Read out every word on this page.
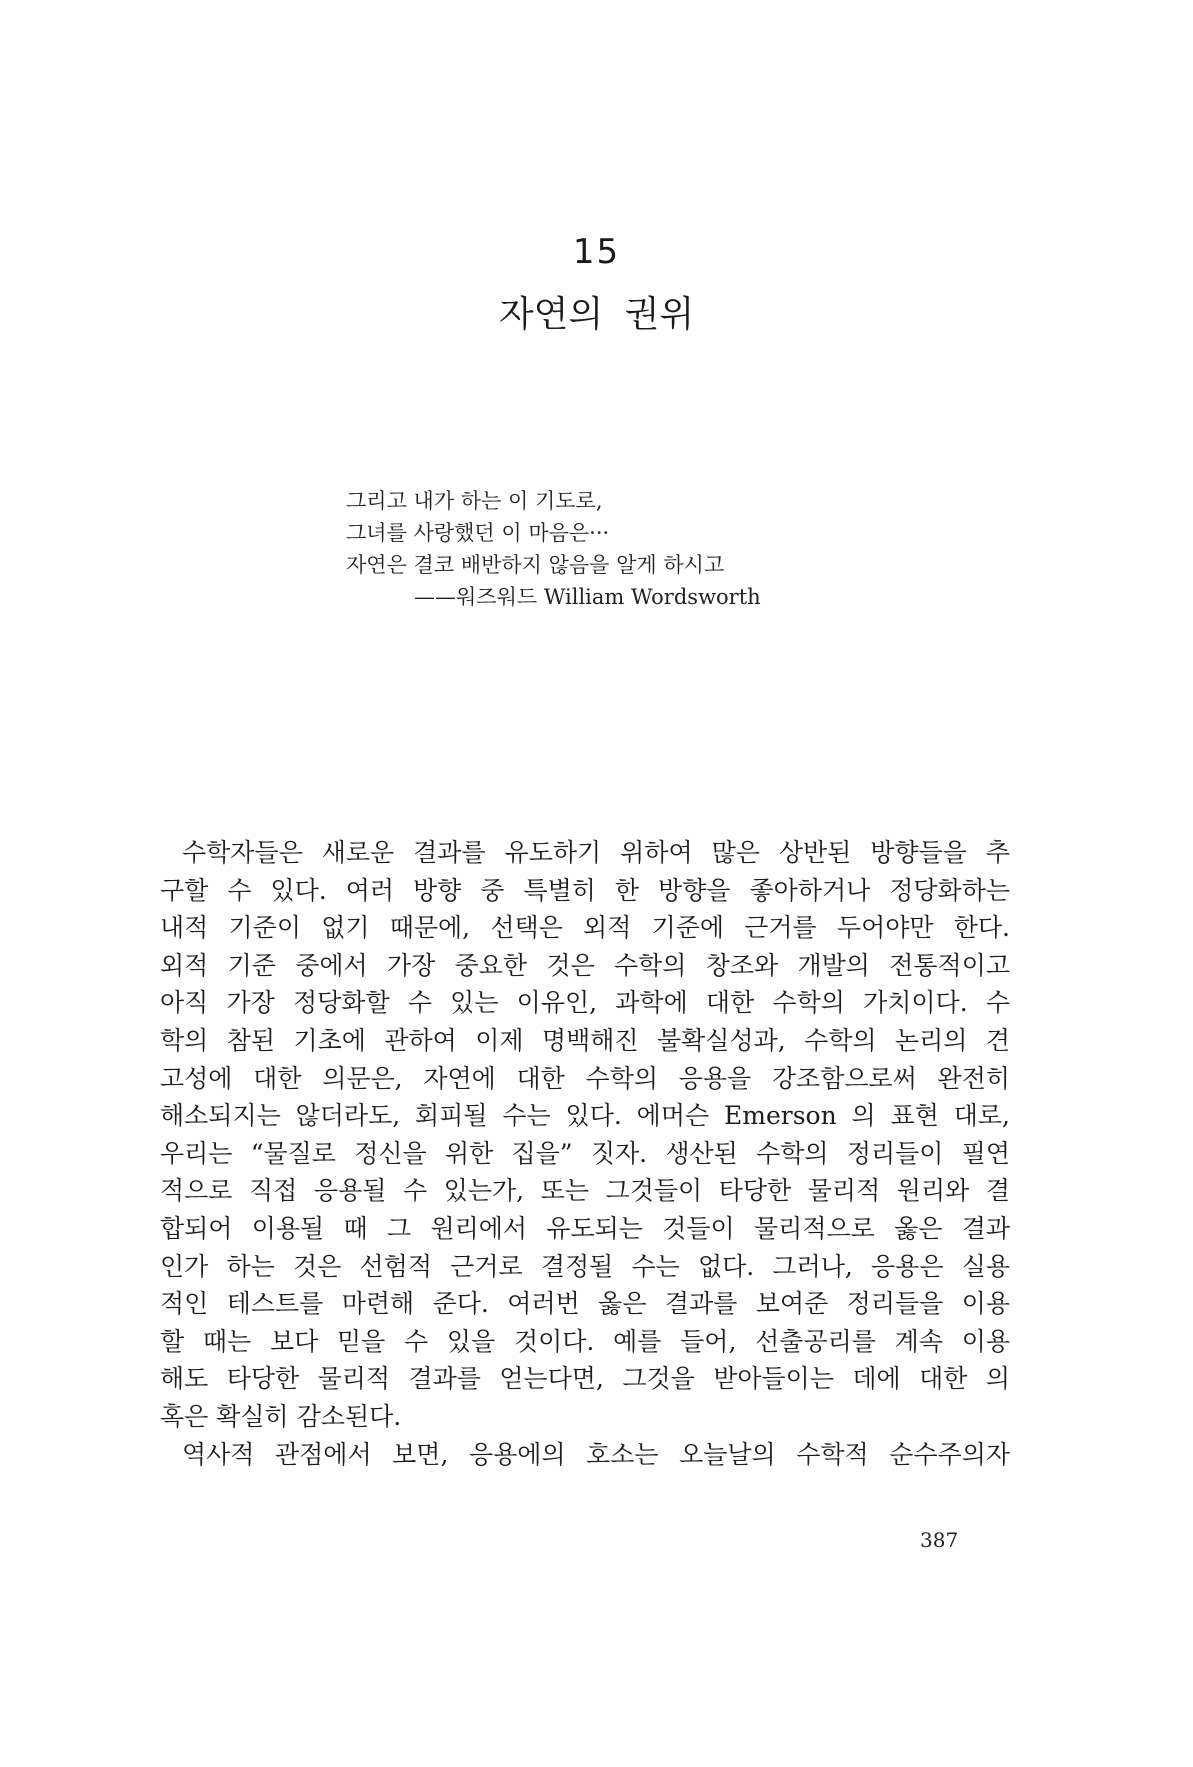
15
자연의 권위
그리고 내가 하는 이 기도로,
그녀를 사랑했던 이 마음은···
자연은 결코 배반하지 않음을 알게 하시고
——워즈워드 William Wordsworth
수학자들은 새로운 결과를 유도하기 위하여 많은 상반된 방향들을 추
구할 수 있다. 여러 방향 중 특별히 한 방향을 좋아하거나 정당화하는
내적 기준이 없기 때문에, 선택은 외적 기준에 근거를 두어야만 한다.
외적 기준 중에서 가장 중요한 것은 수학의 창조와 개발의 전통적이고
아직 가장 정당화할 수 있는 이유인, 과학에 대한 수학의 가치이다. 수
학의 참된 기초에 관하여 이제 명백해진 불확실성과, 수학의 논리의 견
고성에 대한 의문은, 자연에 대한 수학의 응용을 강조함으로써 완전히
해소되지는 않더라도, 회피될 수는 있다. 에머슨 Emerson 의 표현 대로,
우리는 “물질로 정신을 위한 집을” 짓자. 생산된 수학의 정리들이 필연
적으로 직접 응용될 수 있는가, 또는 그것들이 타당한 물리적 원리와 결
합되어 이용될 때 그 원리에서 유도되는 것들이 물리적으로 옳은 결과
인가 하는 것은 선험적 근거로 결정될 수는 없다. 그러나, 응용은 실용
적인 테스트를 마련해 준다. 여러번 옳은 결과를 보여준 정리들을 이용
할 때는 보다 믿을 수 있을 것이다. 예를 들어, 선출공리를 계속 이용
해도 타당한 물리적 결과를 얻는다면, 그것을 받아들이는 데에 대한 의
혹은 확실히 감소된다.
역사적 관점에서 보면, 응용에의 호소는 오늘날의 수학적 순수주의자
387
